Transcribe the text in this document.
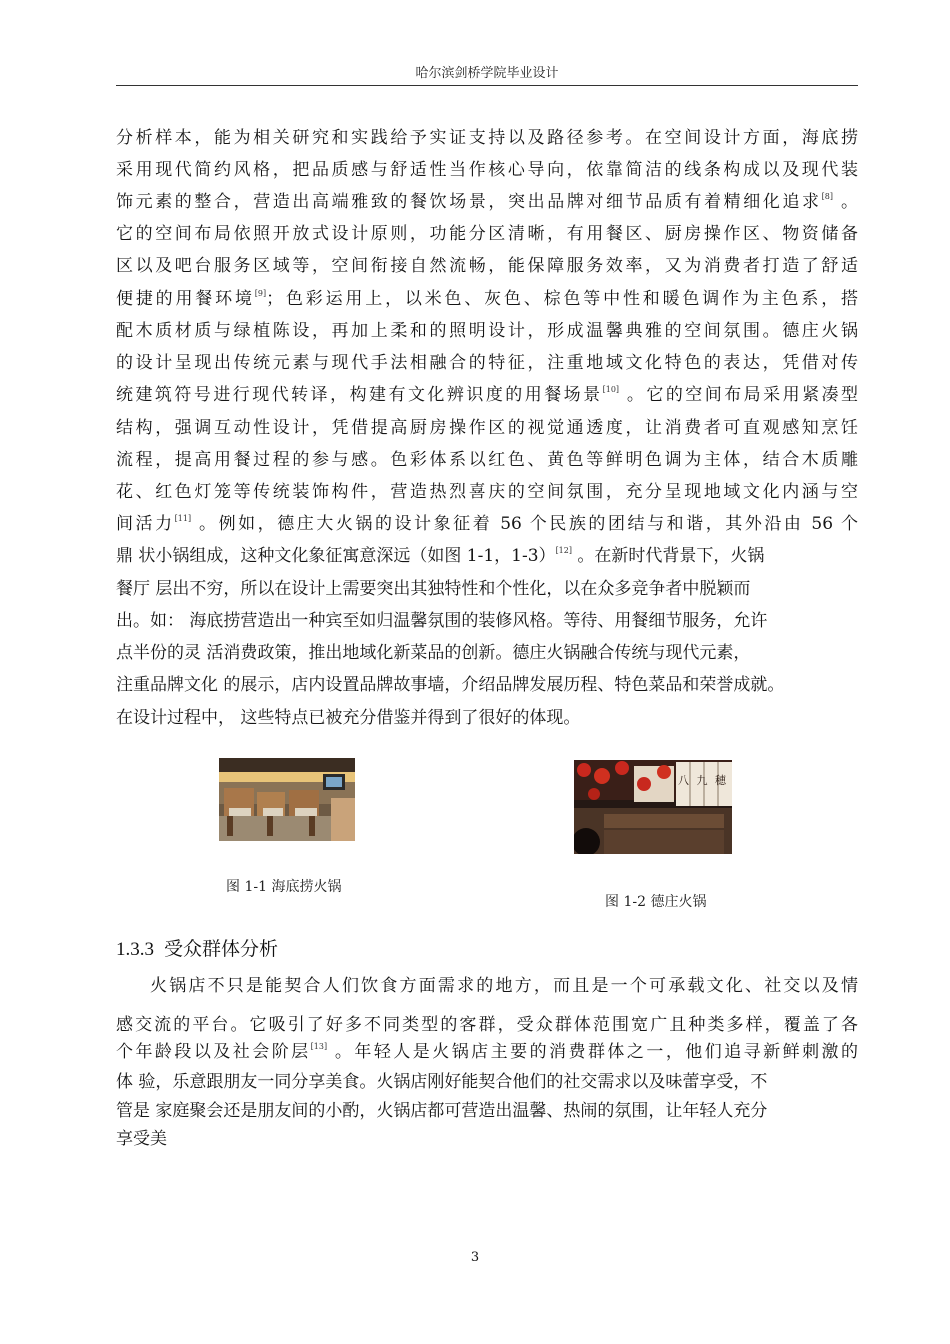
哈尔滨剑桥学院毕业设计
分析样本，能为相关研究和实践给予实证支持以及路径参考。在空间设计方面，海底捞
采用现代简约风格，把品质感与舒适性当作核心导向，依靠简洁的线条构成以及现代装
饰元素的整合，营造出高端雅致的餐饮场景，突出品牌对细节品质有着精细化追求[8] 。
它的空间布局依照开放式设计原则，功能分区清晰，有用餐区、厨房操作区、物资储备
区以及吧台服务区域等，空间衔接自然流畅，能保障服务效率，又为消费者打造了舒适
便捷的用餐环境[9]；色彩运用上，以米色、灰色、棕色等中性和暖色调作为主色系，搭
配木质材质与绿植陈设，再加上柔和的照明设计，形成温馨典雅的空间氛围。德庄火锅
的设计呈现出传统元素与现代手法相融合的特征，注重地域文化特色的表达，凭借对传
统建筑符号进行现代转译，构建有文化辨识度的用餐场景[10] 。它的空间布局采用紧凑型
结构，强调互动性设计，凭借提高厨房操作区的视觉通透度，让消费者可直观感知烹饪
流程，提高用餐过程的参与感。色彩体系以红色、黄色等鲜明色调为主体，结合木质雕
花、红色灯笼等传统装饰构件，营造热烈喜庆的空间氛围，充分呈现地域文化内涵与空
间活力[11] 。例如，德庄大火锅的设计象征着 56 个民族的团结与和谐，其外沿由 56 个
鼎 状小锅组成，这种文化象征寓意深远（如图 1-1，1-3）[12] 。在新时代背景下，火锅
餐厅 层出不穷，所以在设计上需要突出其独特性和个性化，以在众多竞争者中脱颖而
出。如： 海底捞营造出一种宾至如归温馨氛围的装修风格。等待、用餐细节服务，允许
点半份的灵 活消费政策，推出地域化新菜品的创新。德庄火锅融合传统与现代元素，
注重品牌文化 的展示，店内设置品牌故事墙，介绍品牌发展历程、特色菜品和荣誉成就。
在设计过程中， 这些特点已被充分借鉴并得到了很好的体现。
图 1-1 海底捞火锅
八 九 穂
图 1-2 德庄火锅
1.3.3 受众群体分析
火锅店不只是能契合人们饮食方面需求的地方，而且是一个可承载文化、社交以及情
感交流的平台。它吸引了好多不同类型的客群，受众群体范围宽广且种类多样，覆盖了各
个年龄段以及社会阶层[13] 。年轻人是火锅店主要的消费群体之一，他们追寻新鲜刺激的
体 验，乐意跟朋友一同分享美食。火锅店刚好能契合他们的社交需求以及味蕾享受，不
管是 家庭聚会还是朋友间的小酌，火锅店都可营造出温馨、热闹的氛围，让年轻人充分
享受美
3
